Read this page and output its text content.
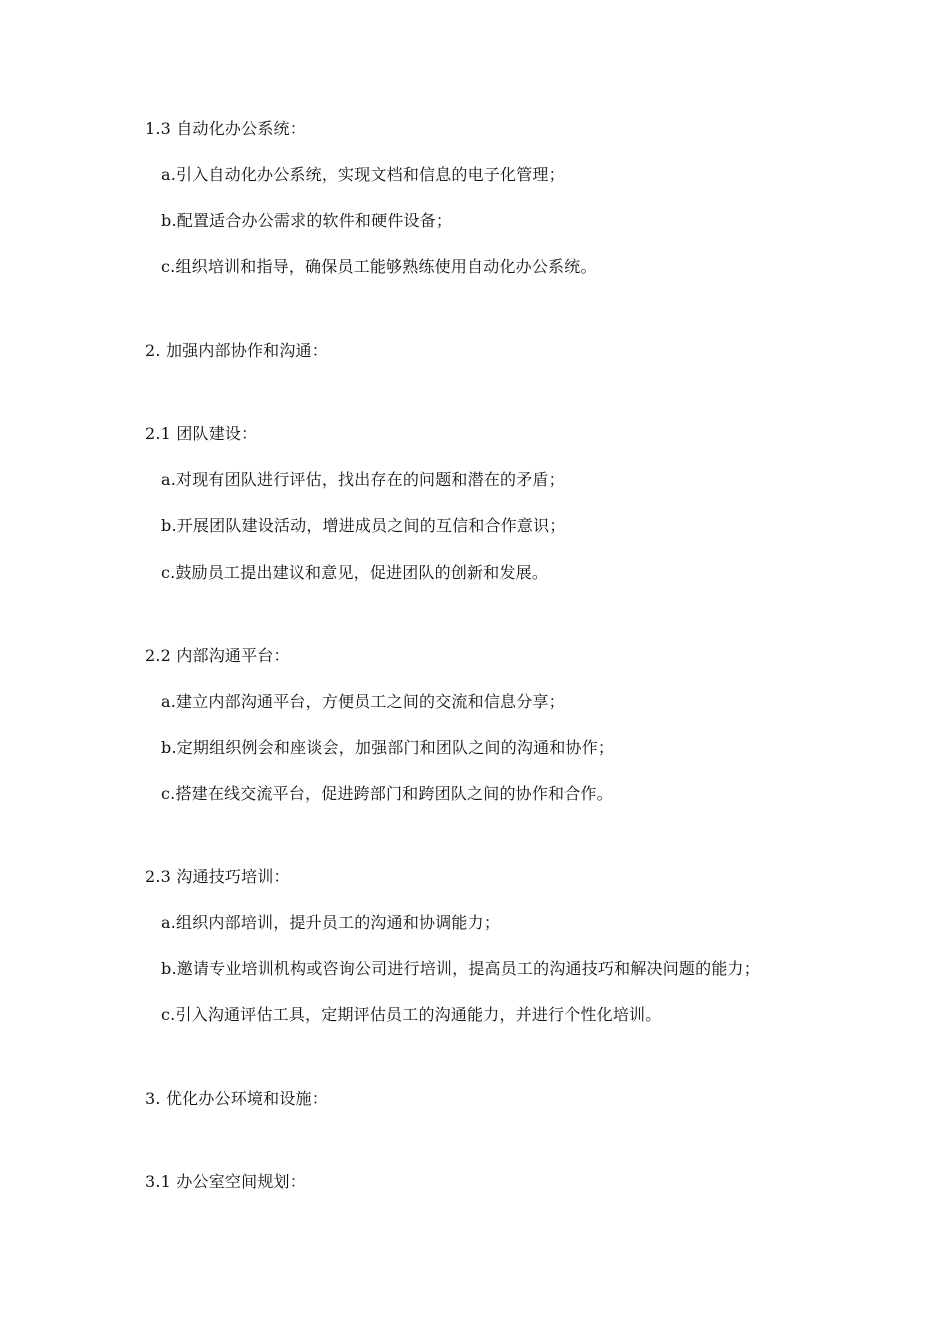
1.3 自动化办公系统：
a.引入自动化办公系统，实现文档和信息的电子化管理；
b.配置适合办公需求的软件和硬件设备；
c.组织培训和指导，确保员工能够熟练使用自动化办公系统。
2. 加强内部协作和沟通：
2.1 团队建设：
a.对现有团队进行评估，找出存在的问题和潜在的矛盾；
b.开展团队建设活动，增进成员之间的互信和合作意识；
c.鼓励员工提出建议和意见，促进团队的创新和发展。
2.2 内部沟通平台：
a.建立内部沟通平台，方便员工之间的交流和信息分享；
b.定期组织例会和座谈会，加强部门和团队之间的沟通和协作；
c.搭建在线交流平台，促进跨部门和跨团队之间的协作和合作。
2.3 沟通技巧培训：
a.组织内部培训，提升员工的沟通和协调能力；
b.邀请专业培训机构或咨询公司进行培训，提高员工的沟通技巧和解决问题的能力；
c.引入沟通评估工具，定期评估员工的沟通能力，并进行个性化培训。
3. 优化办公环境和设施：
3.1 办公室空间规划：
